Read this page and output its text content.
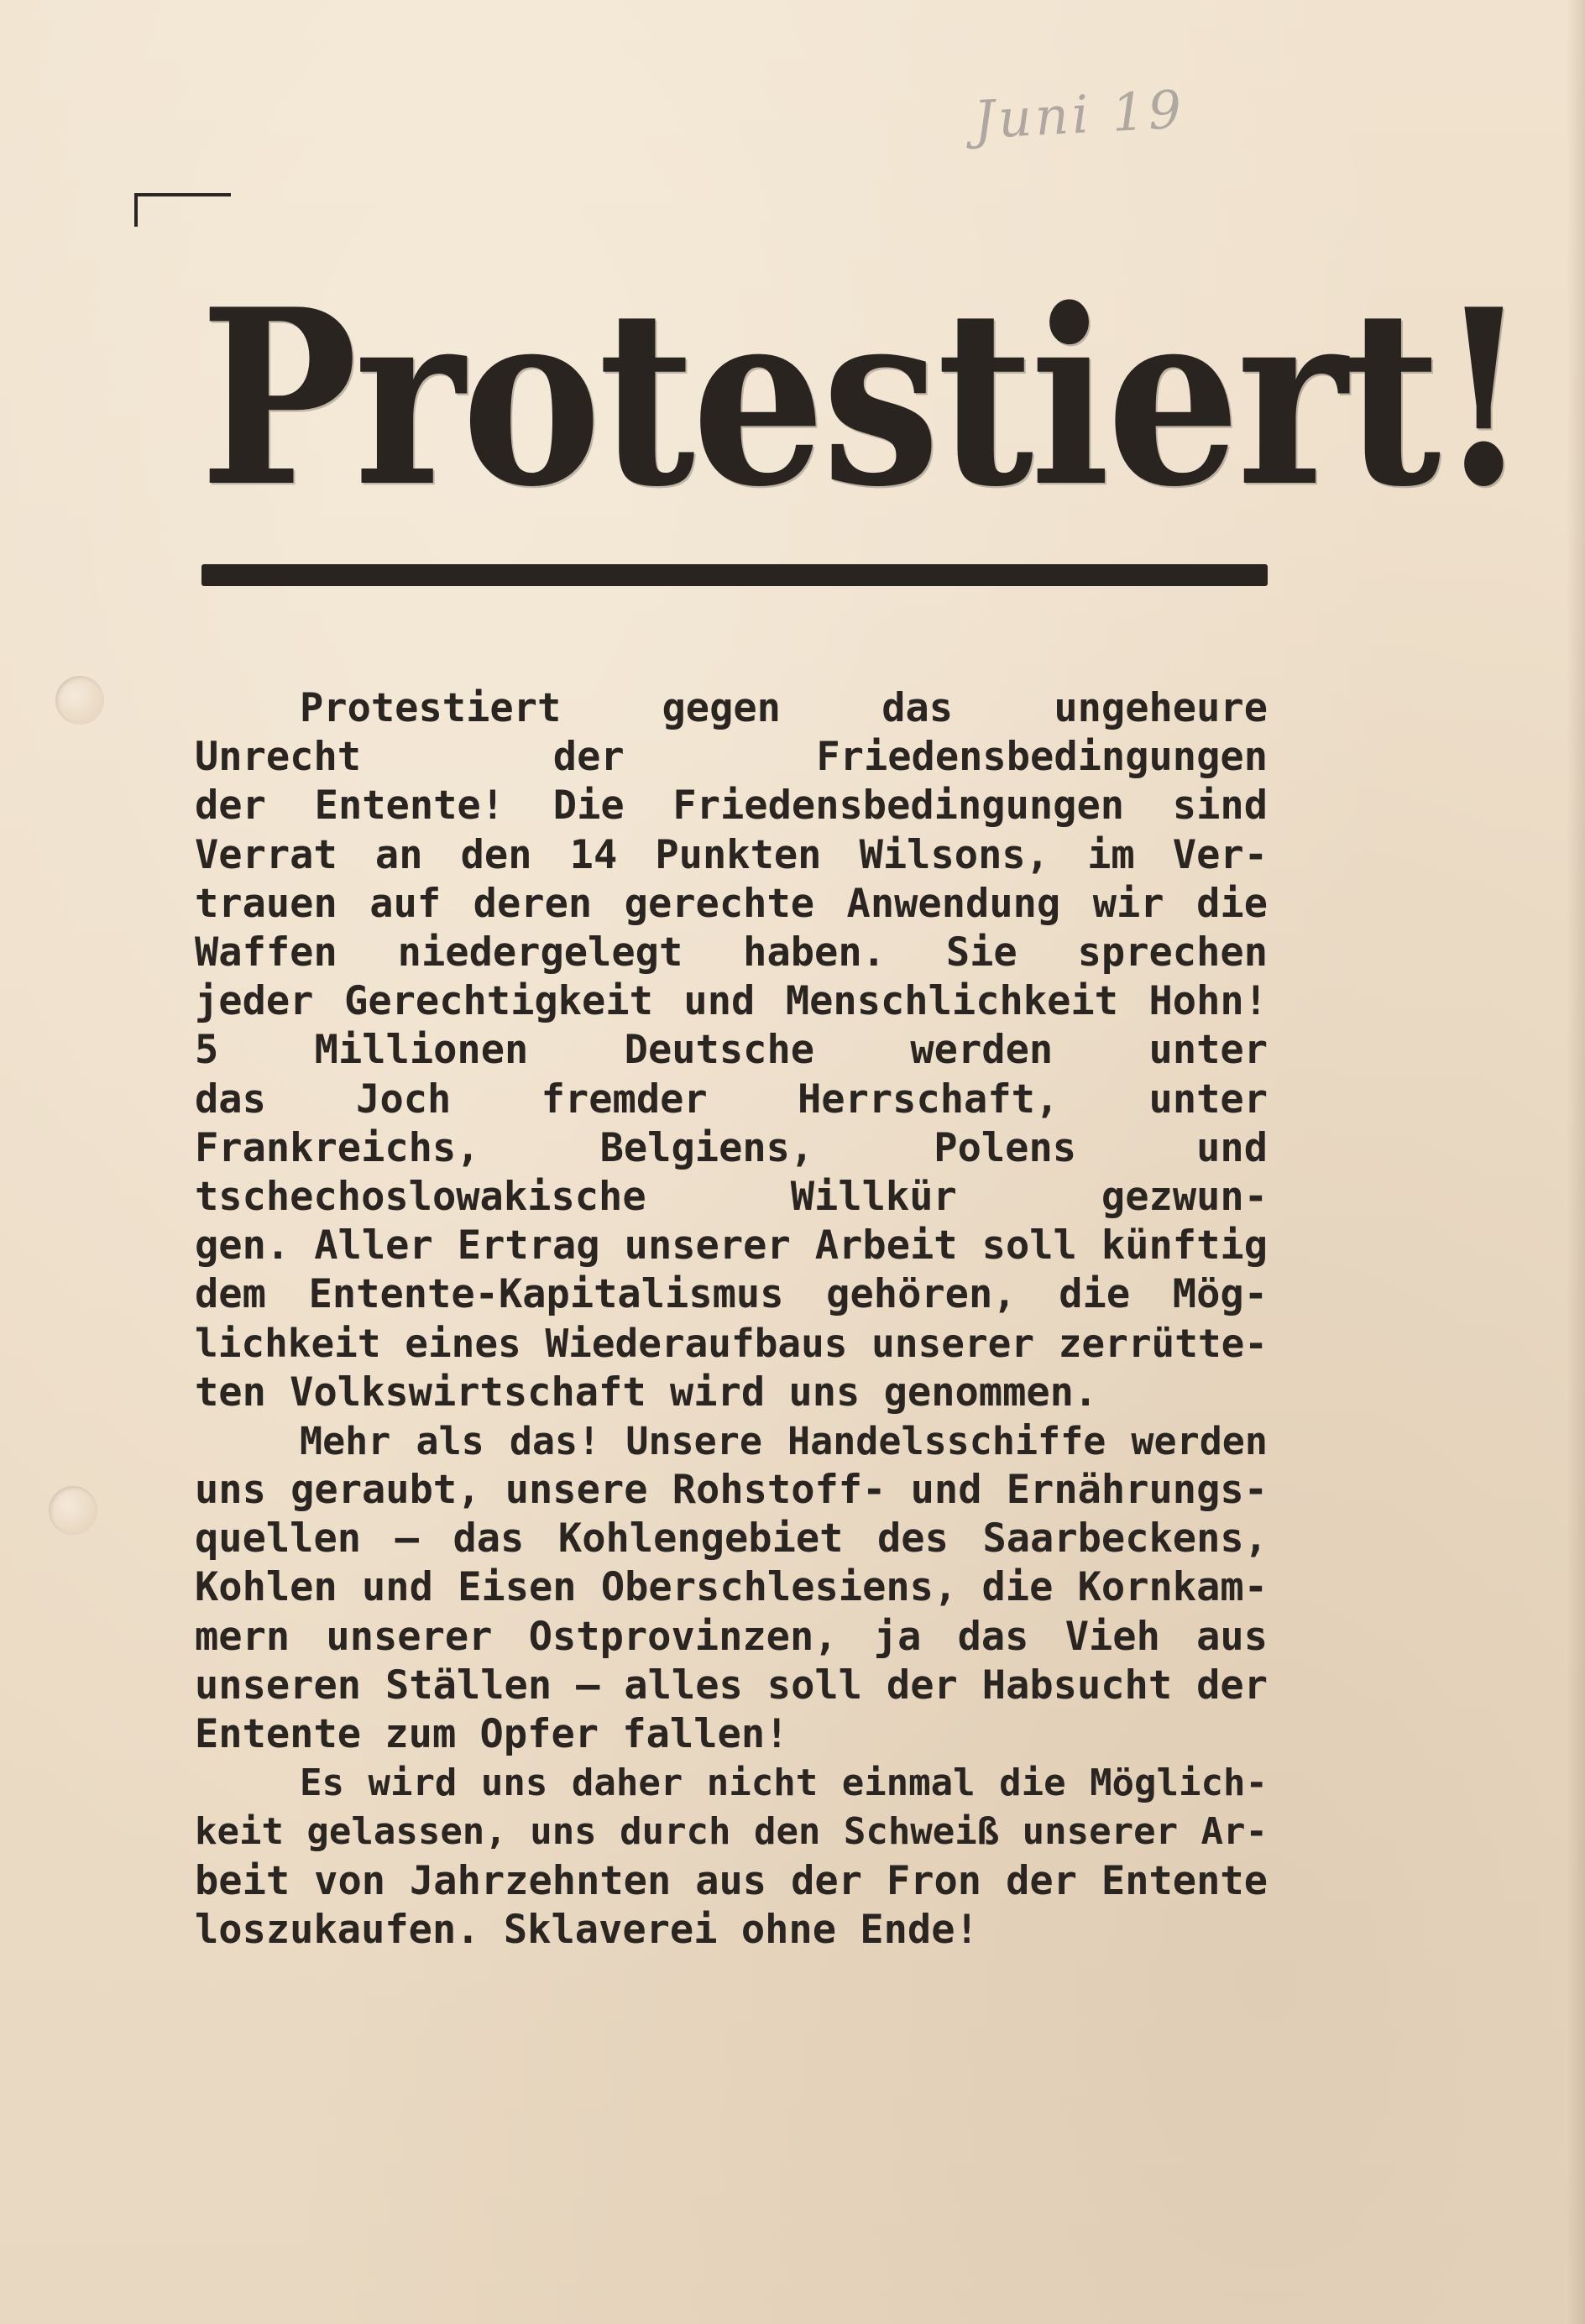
Juni 19
Protestiert!
Protestiert gegen das ungeheure
Unrecht der Friedensbedingungen
der Entente! Die Friedensbedingungen sind
Verrat an den 14 Punkten Wilsons, im Ver-
trauen auf deren gerechte Anwendung wir die
Waffen niedergelegt haben. Sie sprechen
jeder Gerechtigkeit und Menschlichkeit Hohn!
5 Millionen Deutsche werden unter
das Joch fremder Herrschaft, unter
Frankreichs, Belgiens, Polens und
tschechoslowakische Willkür gezwun-
gen. Aller Ertrag unserer Arbeit soll künftig
dem Entente-Kapitalismus gehören, die Mög-
lichkeit eines Wiederaufbaus unserer zerrütte-
ten Volkswirtschaft wird uns genommen.
Mehr als das! Unsere Handelsschiffe werden
uns geraubt, unsere Rohstoff- und Ernährungs-
quellen — das Kohlengebiet des Saarbeckens,
Kohlen und Eisen Oberschlesiens, die Kornkam-
mern unserer Ostprovinzen, ja das Vieh aus
unseren Ställen — alles soll der Habsucht der
Entente zum Opfer fallen!
Es wird uns daher nicht einmal die Möglich-
keit gelassen, uns durch den Schweiß unserer Ar-
beit von Jahrzehnten aus der Fron der Entente
loszukaufen. Sklaverei ohne Ende!
